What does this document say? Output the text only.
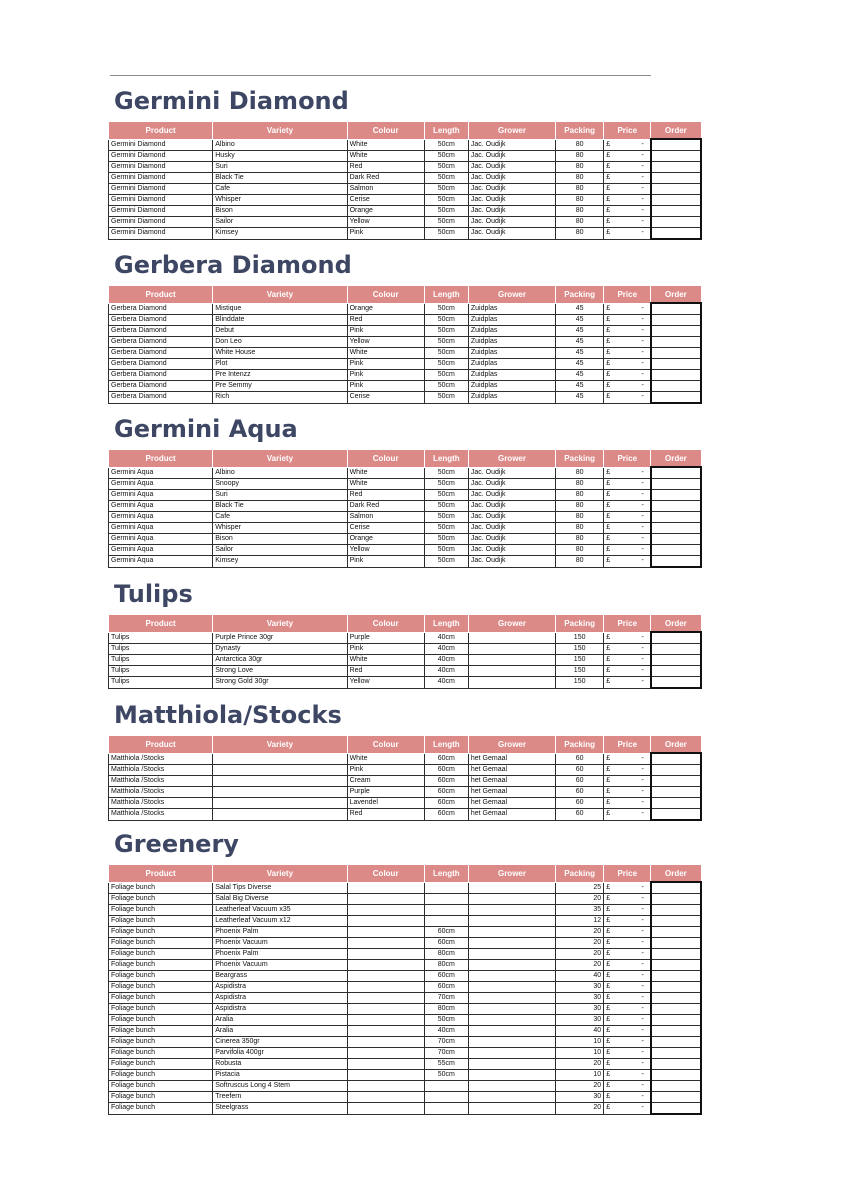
Germini Diamond
Product	Variety	Colour	Length	Grower	Packing	Price	Order
Germini Diamond	Albino	White	50cm	Jac. Oudijk	80	£ -	

Germini Diamond	Husky	White	50cm	Jac. Oudijk	80	£ -	

Germini Diamond	Suri	Red	50cm	Jac. Oudijk	80	£ -	

Germini Diamond	Black Tie	Dark Red	50cm	Jac. Oudijk	80	£ -	

Germini Diamond	Cafe	Salmon	50cm	Jac. Oudijk	80	£ -	

Germini Diamond	Whisper	Cerise	50cm	Jac. Oudijk	80	£ -	

Germini Diamond	Bison	Orange	50cm	Jac. Oudijk	80	£ -	

Germini Diamond	Sailor	Yellow	50cm	Jac. Oudijk	80	£ -	

Germini Diamond	Kimsey	Pink	50cm	Jac. Oudijk	80	£ -	

Gerbera Diamond
Product	Variety	Colour	Length	Grower	Packing	Price	Order
Gerbera Diamond	Mistique	Orange	50cm	Zuidplas	45	£ -	

Gerbera Diamond	Blinddate	Red	50cm	Zuidplas	45	£ -	

Gerbera Diamond	Debut	Pink	50cm	Zuidplas	45	£ -	

Gerbera Diamond	Don Leo	Yellow	50cm	Zuidplas	45	£ -	

Gerbera Diamond	White House	White	50cm	Zuidplas	45	£ -	

Gerbera Diamond	Plot	Pink	50cm	Zuidplas	45	£ -	

Gerbera Diamond	Pre Intenzz	Pink	50cm	Zuidplas	45	£ -	

Gerbera Diamond	Pre Semmy	Pink	50cm	Zuidplas	45	£ -	

Gerbera Diamond	Rich	Cerise	50cm	Zuidplas	45	£ -	

Germini Aqua
Product	Variety	Colour	Length	Grower	Packing	Price	Order
Germini Aqua	Albino	White	50cm	Jac. Oudijk	80	£ -	

Germini Aqua	Snoopy	White	50cm	Jac. Oudijk	80	£ -	

Germini Aqua	Suri	Red	50cm	Jac. Oudijk	80	£ -	

Germini Aqua	Black Tie	Dark Red	50cm	Jac. Oudijk	80	£ -	

Germini Aqua	Cafe	Salmon	50cm	Jac. Oudijk	80	£ -	

Germini Aqua	Whisper	Cerise	50cm	Jac. Oudijk	80	£ -	

Germini Aqua	Bison	Orange	50cm	Jac. Oudijk	80	£ -	

Germini Aqua	Sailor	Yellow	50cm	Jac. Oudijk	80	£ -	

Germini Aqua	Kimsey	Pink	50cm	Jac. Oudijk	80	£ -	

Tulips
Product	Variety	Colour	Length	Grower	Packing	Price	Order
Tulips	Purple Prince 30gr	Purple	40cm		150	£ -	

Tulips	Dynasty	Pink	40cm		150	£ -	

Tulips	Antarctica 30gr	White	40cm		150	£ -	

Tulips	Strong Love	Red	40cm		150	£ -	

Tulips	Strong Gold 30gr	Yellow	40cm		150	£ -	

Matthiola/Stocks
Product	Variety	Colour	Length	Grower	Packing	Price	Order
Matthiola /Stocks		White	60cm	het Gemaal	60	£ -	

Matthiola /Stocks		Pink	60cm	het Gemaal	60	£ -	

Matthiola /Stocks		Cream	60cm	het Gemaal	60	£ -	

Matthiola /Stocks		Purple	60cm	het Gemaal	60	£ -	

Matthiola /Stocks		Lavendel	60cm	het Gemaal	60	£ -	

Matthiola /Stocks		Red	60cm	het Gemaal	60	£ -	

Greenery
Product	Variety	Colour	Length	Grower	Packing	Price	Order
Foliage bunch	Salal Tips Diverse				25	£ -	

Foliage bunch	Salal Big Diverse				20	£ -	

Foliage bunch	Leatherleaf Vacuum x35				35	£ -	

Foliage bunch	Leatherleaf Vacuum x12				12	£ -	

Foliage bunch	Phoenix Palm		60cm		20	£ -	

Foliage bunch	Phoenix Vacuum		60cm		20	£ -	

Foliage bunch	Phoenix Palm		80cm		20	£ -	

Foliage bunch	Phoenix Vacuum		80cm		20	£ -	

Foliage bunch	Beargrass		60cm		40	£ -	

Foliage bunch	Aspidistra		60cm		30	£ -	

Foliage bunch	Aspidistra		70cm		30	£ -	

Foliage bunch	Aspidistra		80cm		30	£ -	

Foliage bunch	Aralia		50cm		30	£ -	

Foliage bunch	Aralia		40cm		40	£ -	

Foliage bunch	Cinerea 350gr		70cm		10	£ -	

Foliage bunch	Parvifolia 400gr		70cm		10	£ -	

Foliage bunch	Robusta		55cm		20	£ -	

Foliage bunch	Pistacia		50cm		10	£ -	

Foliage bunch	Softruscus Long 4 Stem				20	£ -	

Foliage bunch	Treefern				30	£ -	

Foliage bunch	Steelgrass				20	£ -	
